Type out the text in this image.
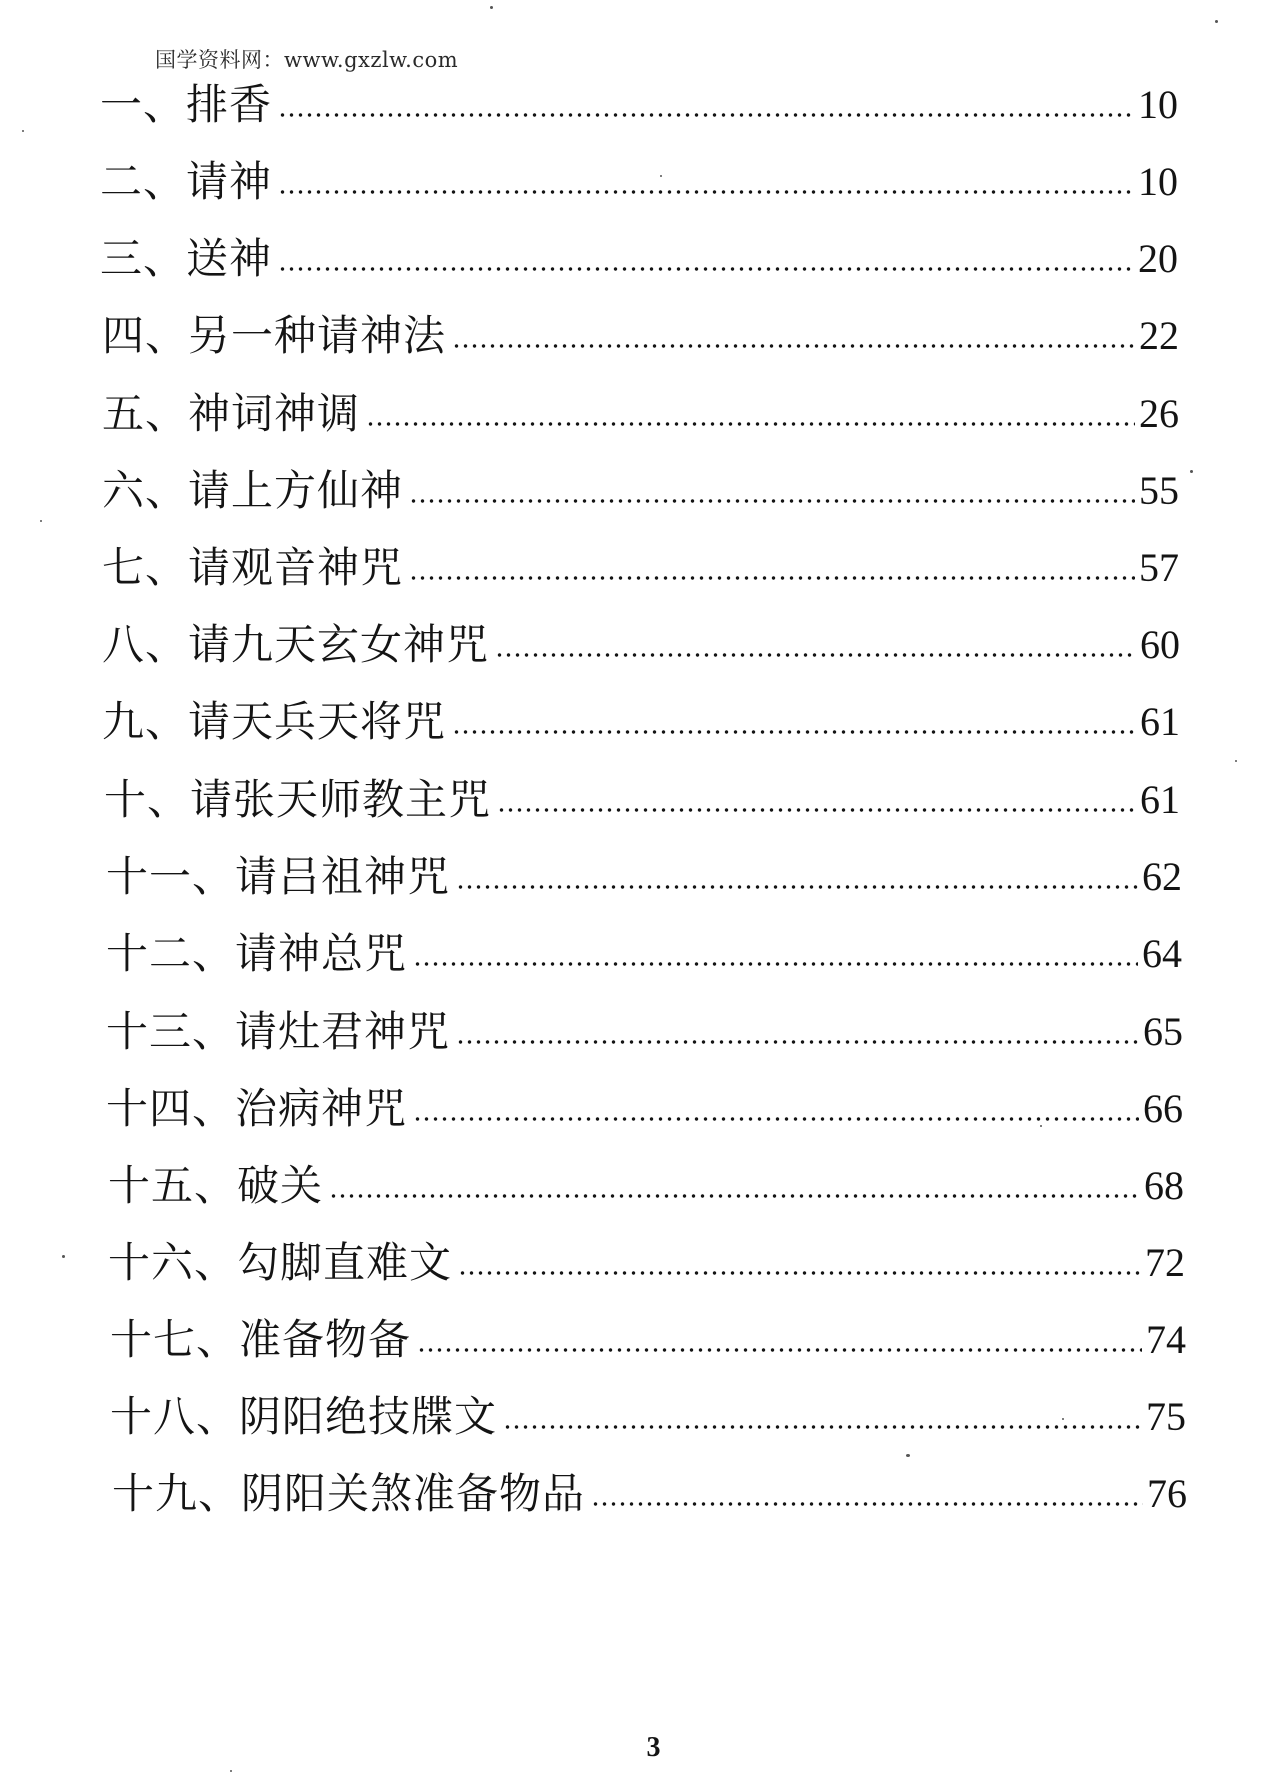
国学资料网：www.gxzlw.com
一、排香	10
二、请神	10
三、送神	20
四、另一种请神法	22
五、神词神调	26
六、请上方仙神	55
七、请观音神咒	57
八、请九天玄女神咒	60
九、请天兵天将咒	61
十、请张天师教主咒	61
十一、请吕祖神咒	62
十二、请神总咒	64
十三、请灶君神咒	65
十四、治病神咒	66
十五、破关	68
十六、勾脚直难文	72
十七、准备物备	74
十八、阴阳绝技牒文	75
十九、阴阳关煞准备物品	76
3
